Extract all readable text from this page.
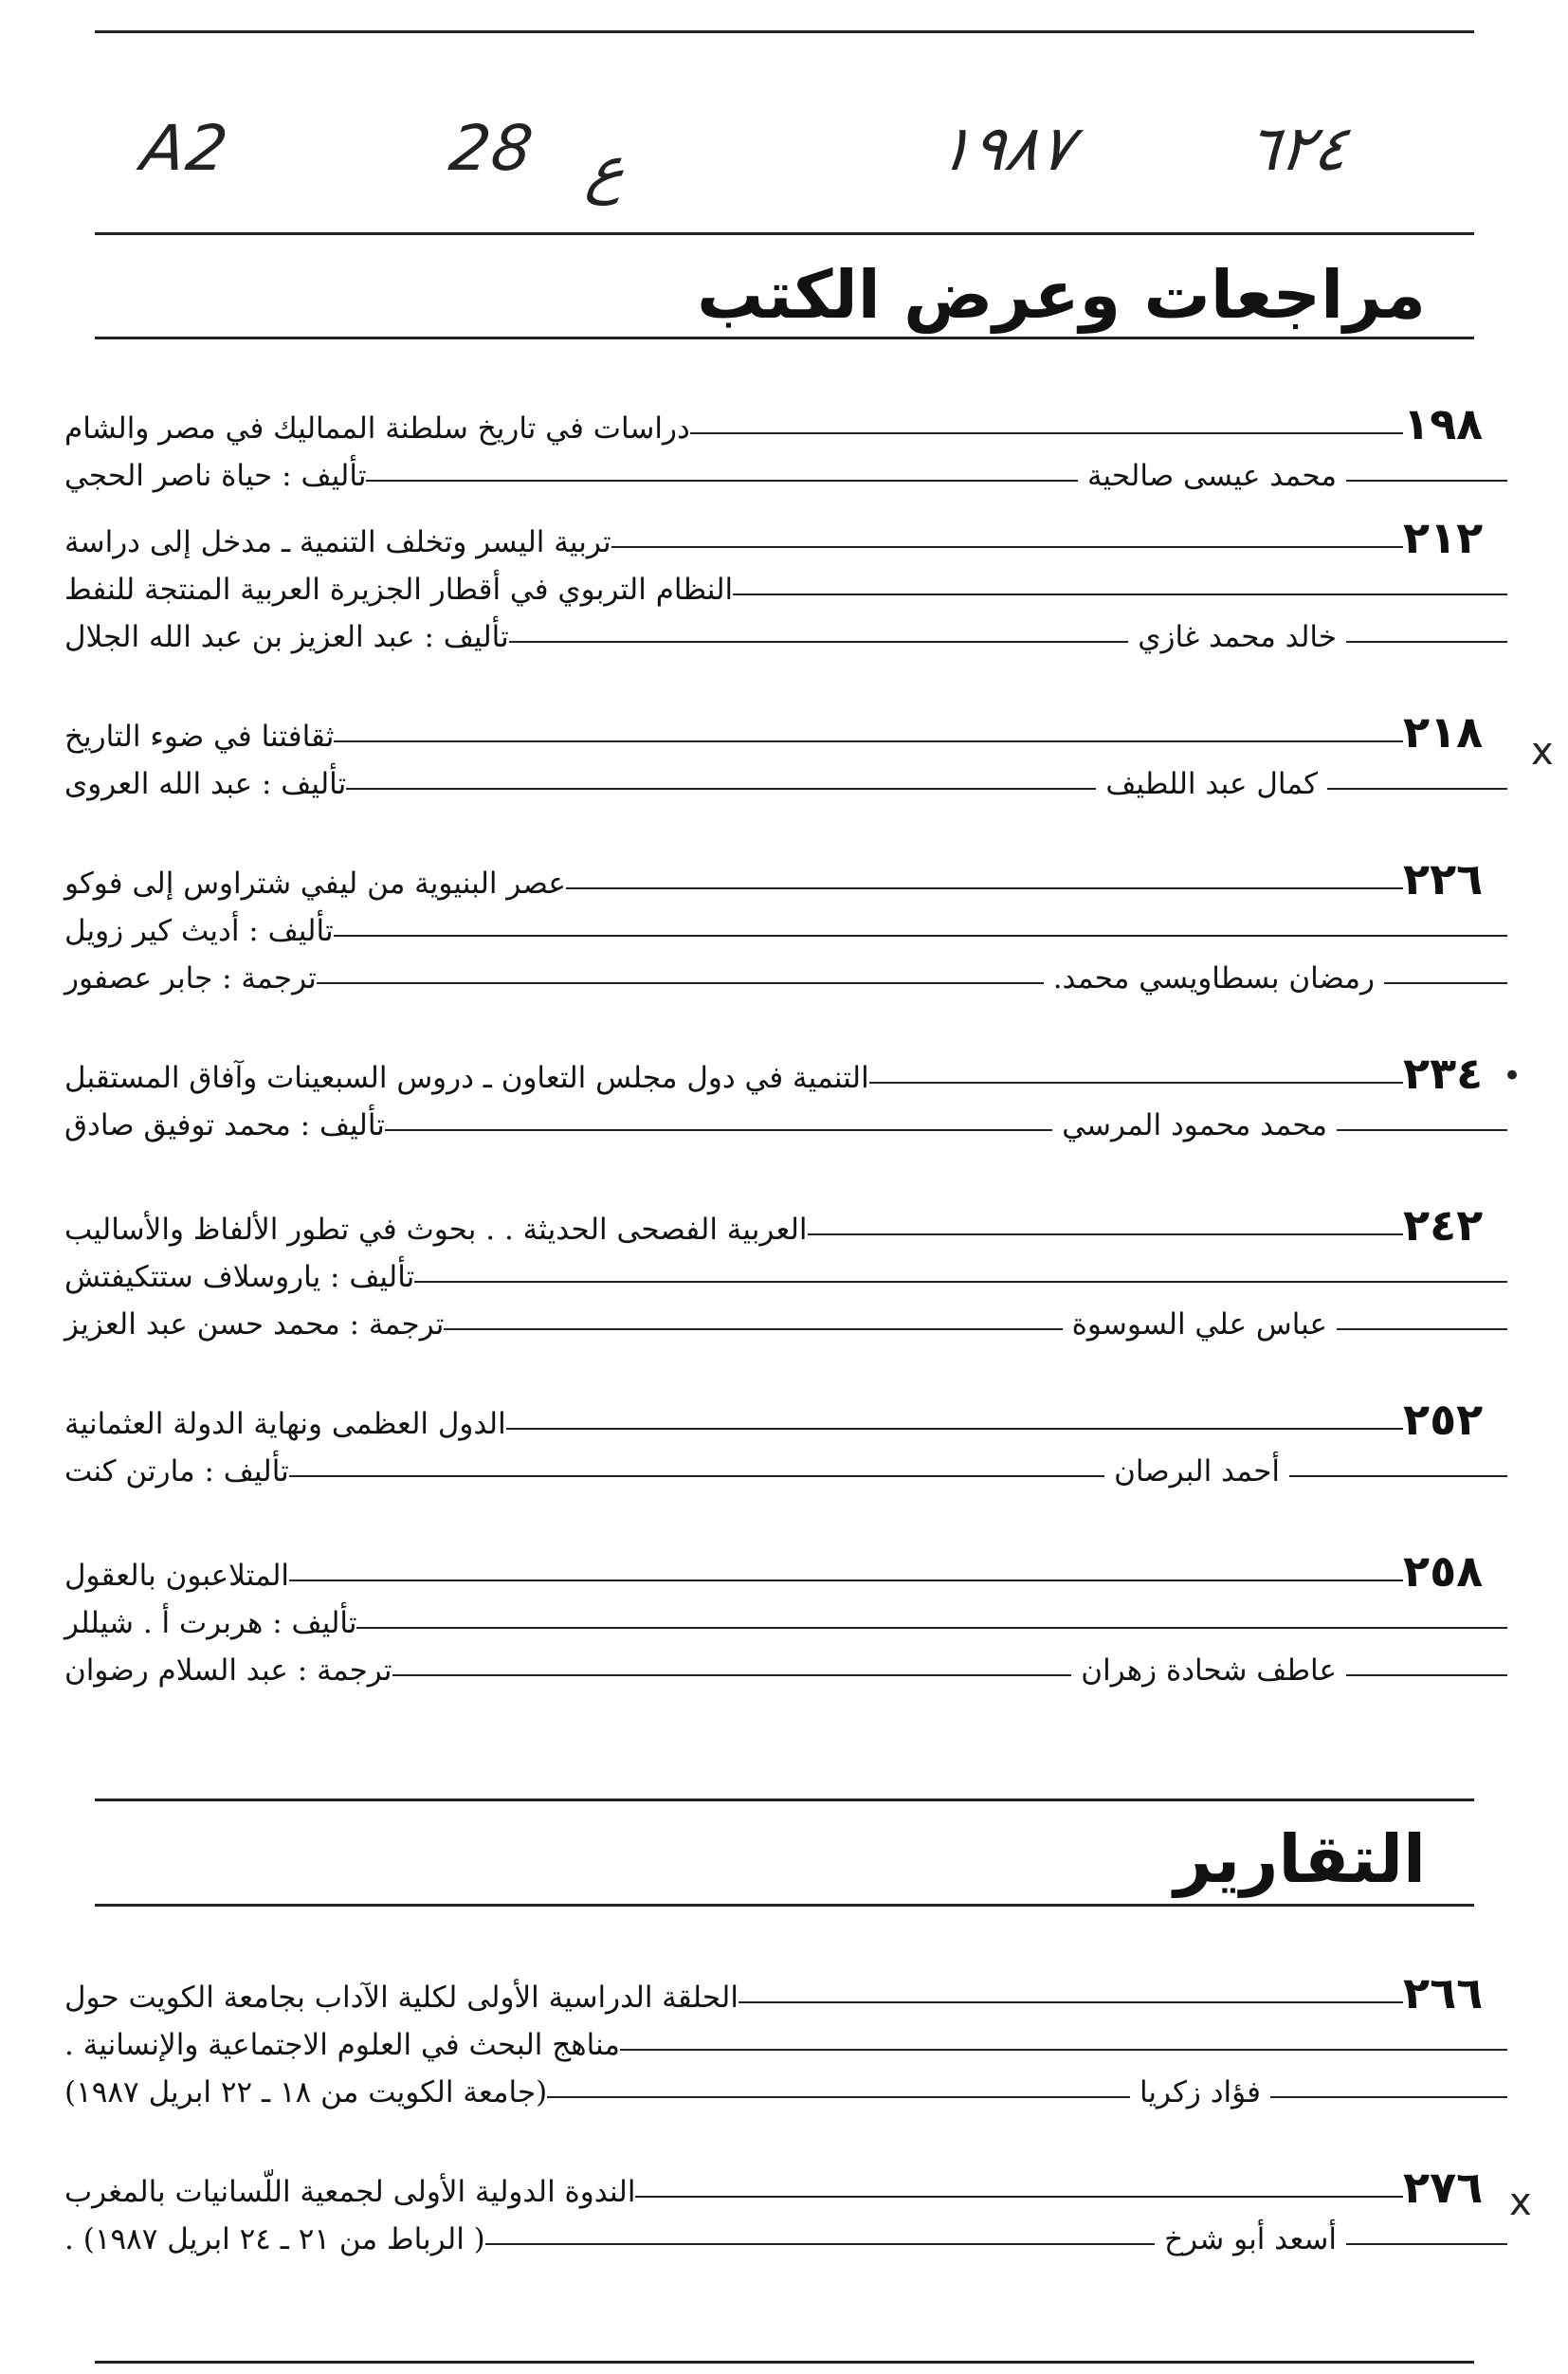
A2	28 ع	١٩٨٧	٦٢٤
مراجعات وعرض الكتب
التقارير
x
•
x
دراسات في تاريخ سلطنة المماليك في مصر والشام	١٩٨
تأليف : حياة ناصر الحجي	محمد عيسى صالحية
تربية اليسر وتخلف التنمية ـ مدخل إلى دراسة	٢١٢
النظام التربوي في أقطار الجزيرة العربية المنتجة للنفط
تأليف : عبد العزيز بن عبد الله الجلال	خالد محمد غازي
ثقافتنا في ضوء التاريخ	٢١٨
تأليف : عبد الله العروى	كمال عبد اللطيف
عصر البنيوية من ليفي شتراوس إلى فوكو	٢٢٦
تأليف : أديث كير زويل
ترجمة : جابر عصفور	رمضان بسطاويسي محمد.
التنمية في دول مجلس التعاون ـ دروس السبعينات وآفاق المستقبل	٢٣٤
تأليف : محمد توفيق صادق	محمد محمود المرسي
العربية الفصحى الحديثة . . بحوث في تطور الألفاظ والأساليب	٢٤٢
تأليف : ياروسلاف ستتكيفتش
ترجمة : محمد حسن عبد العزيز	عباس علي السوسوة
الدول العظمى ونهاية الدولة العثمانية	٢٥٢
تأليف : مارتن كنت	أحمد البرصان
المتلاعبون بالعقول	٢٥٨
تأليف : هربرت أ . شيللر
ترجمة : عبد السلام رضوان	عاطف شحادة زهران
الحلقة الدراسية الأولى لكلية الآداب بجامعة الكويت حول	٢٦٦
مناهج البحث في العلوم الاجتماعية والإنسانية .
(جامعة الكويت من ١٨ ـ ٢٢ ابريل ١٩٨٧)	فؤاد زكريا
الندوة الدولية الأولى لجمعية اللّسانيات بالمغرب	٢٧٦
( الرباط من ٢١ ـ ٢٤ ابريل ١٩٨٧) .	أسعد أبو شرخ
